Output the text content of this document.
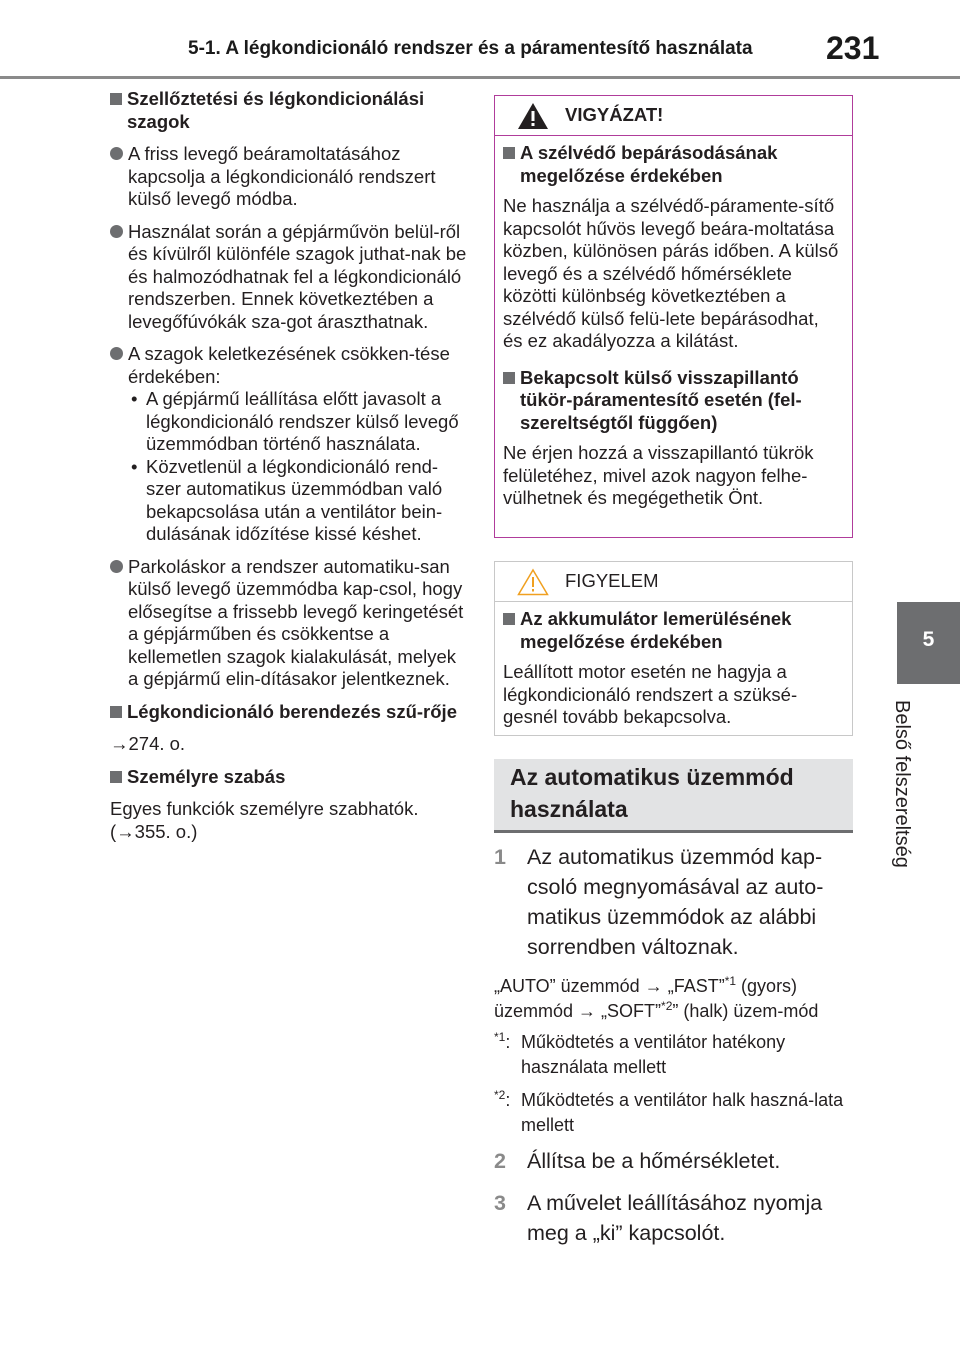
5-1. A légkondicionáló rendszer és a páramentesítő használata 231
5
Belső felszereltség
Szellőztetési és légkondicionálási szagok
A friss levegő beáramoltatásához kapcsolja a légkondicionáló rendszert külső levegő módba.
Használat során a gépjárművön belül-ről és kívülről különféle szagok juthat-nak be és halmozódhatnak fel a légkondicionáló rendszerben. Ennek következtében a levegőfúvókák sza-got áraszthatnak.
A szagok keletkezésének csökken-tése érdekében:
• A gépjármű leállítása előtt javasolt a légkondicionáló rendszer külső levegő üzemmódban történő használata.
• Közvetlenül a légkondicionáló rend-szer automatikus üzemmódban való bekapcsolása után a ventilátor bein-dulásának időzítése kissé késhet.
Parkoláskor a rendszer automatiku-san külső levegő üzemmódba kap-csol, hogy elősegítse a frissebb levegő keringetését a gépjárműben és csökkentse a kellemetlen szagok kialakulását, melyek a gépjármű elin-dításakor jelentkeznek.
Légkondicionáló berendezés szű-rője
→274. o.
Személyre szabás
Egyes funkciók személyre szabhatók. (→355. o.)
VIGYÁZAT!
A szélvédő bepárásodásának megelőzése érdekében
Ne használja a szélvédő-páramente-sítő kapcsolót hűvös levegő beára-moltatása közben, különösen párás időben. A külső levegő és a szélvédő hőmérséklete közötti különbség következtében a szélvédő külső felü-lete bepárásodhat, és ez akadályozza a kilátást.
Bekapcsolt külső visszapillantó tükör-páramentesítő esetén (fel-szereltségtől függően)
Ne érjen hozzá a visszapillantó tükrök felületéhez, mivel azok nagyon felhe-vülhetnek és megégethetik Önt.
FIGYELEM
Az akkumulátor lemerülésének megelőzése érdekében
Leállított motor esetén ne hagyja a légkondicionáló rendszert a szüksé-gesnél tovább bekapcsolva.
Az automatikus üzemmód használata
1 Az automatikus üzemmód kap-csoló megnyomásával az auto-matikus üzemmódok az alábbi sorrendben változnak.
„AUTO” üzemmód → „FAST”$^{*1}$ (gyors) üzemmód → „SOFT”$^{*2}$” (halk) üzem-mód
$^{*1}$: Működtetés a ventilátor hatékony használata mellett
$^{*2}$: Működtetés a ventilátor halk haszná-lata mellett
2 Állítsa be a hőmérsékletet.
3 A művelet leállításához nyomja meg a „ki” kapcsolót.
